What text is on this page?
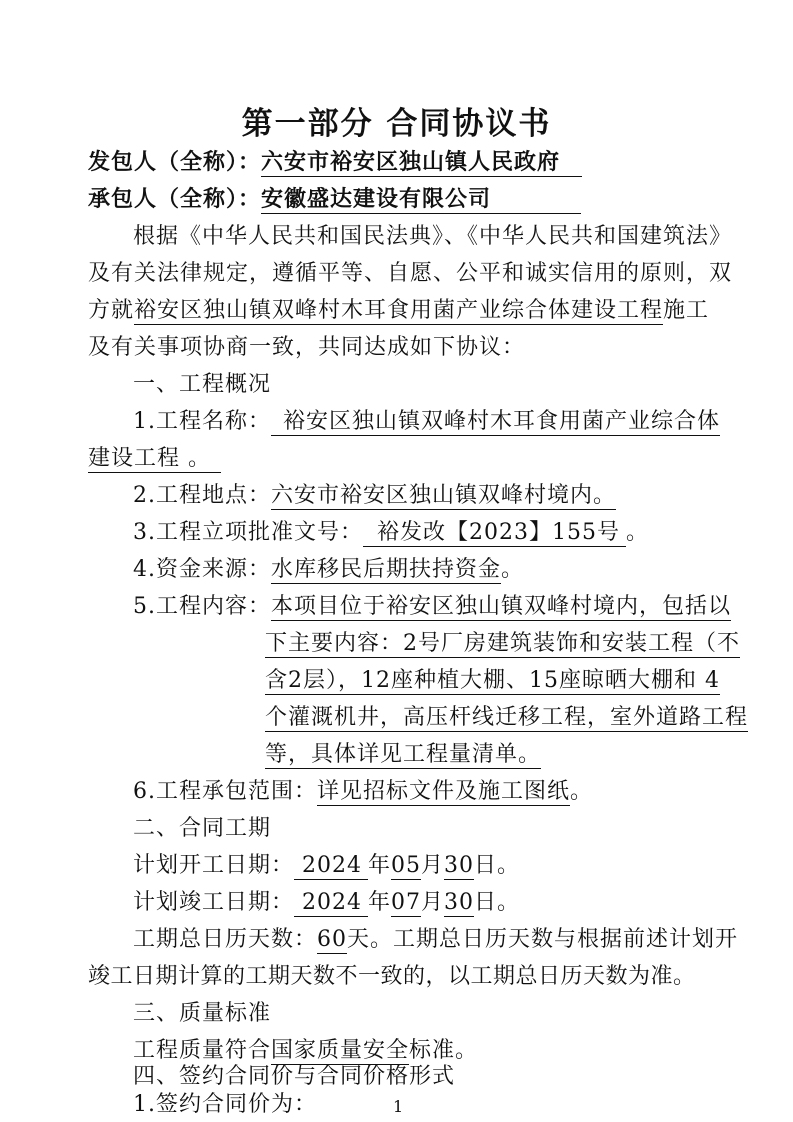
第一部分 合同协议书
发包人（全称）：六安市裕安区独山镇人民政府
承包人（全称）：安徽盛达建设有限公司
根据《中华人民共和国民法典》、《中华人民共和国建筑法》
及有关法律规定，遵循平等、自愿、公平和诚实信用的原则，双
方就裕安区独山镇双峰村木耳食用菌产业综合体建设工程施工
及有关事项协商一致，共同达成如下协议：
一、工程概况
1.工程名称： 裕安区独山镇双峰村木耳食用菌产业综合体
建设工程 。
2.工程地点：六安市裕安区独山镇双峰村境内。
3.工程立项批准文号： 裕发改【2023】155号 。
4.资金来源：水库移民后期扶持资金。
5.工程内容：本项目位于裕安区独山镇双峰村境内，包括以
下主要内容：2号厂房建筑装饰和安装工程（不
含2层），12座种植大棚、15座晾晒大棚和 4
个灌溉机井，高压杆线迁移工程，室外道路工程
等，具体详见工程量清单。
6.工程承包范围：详见招标文件及施工图纸。
二、合同工期
计划开工日期： 2024 年05月30日。
计划竣工日期： 2024 年07月30日。
工期总日历天数：60天。工期总日历天数与根据前述计划开
竣工日期计算的工期天数不一致的，以工期总日历天数为准。
三、质量标准
工程质量符合国家质量安全标准。
1
四、签约合同价与合同价格形式
1.签约合同价为：
